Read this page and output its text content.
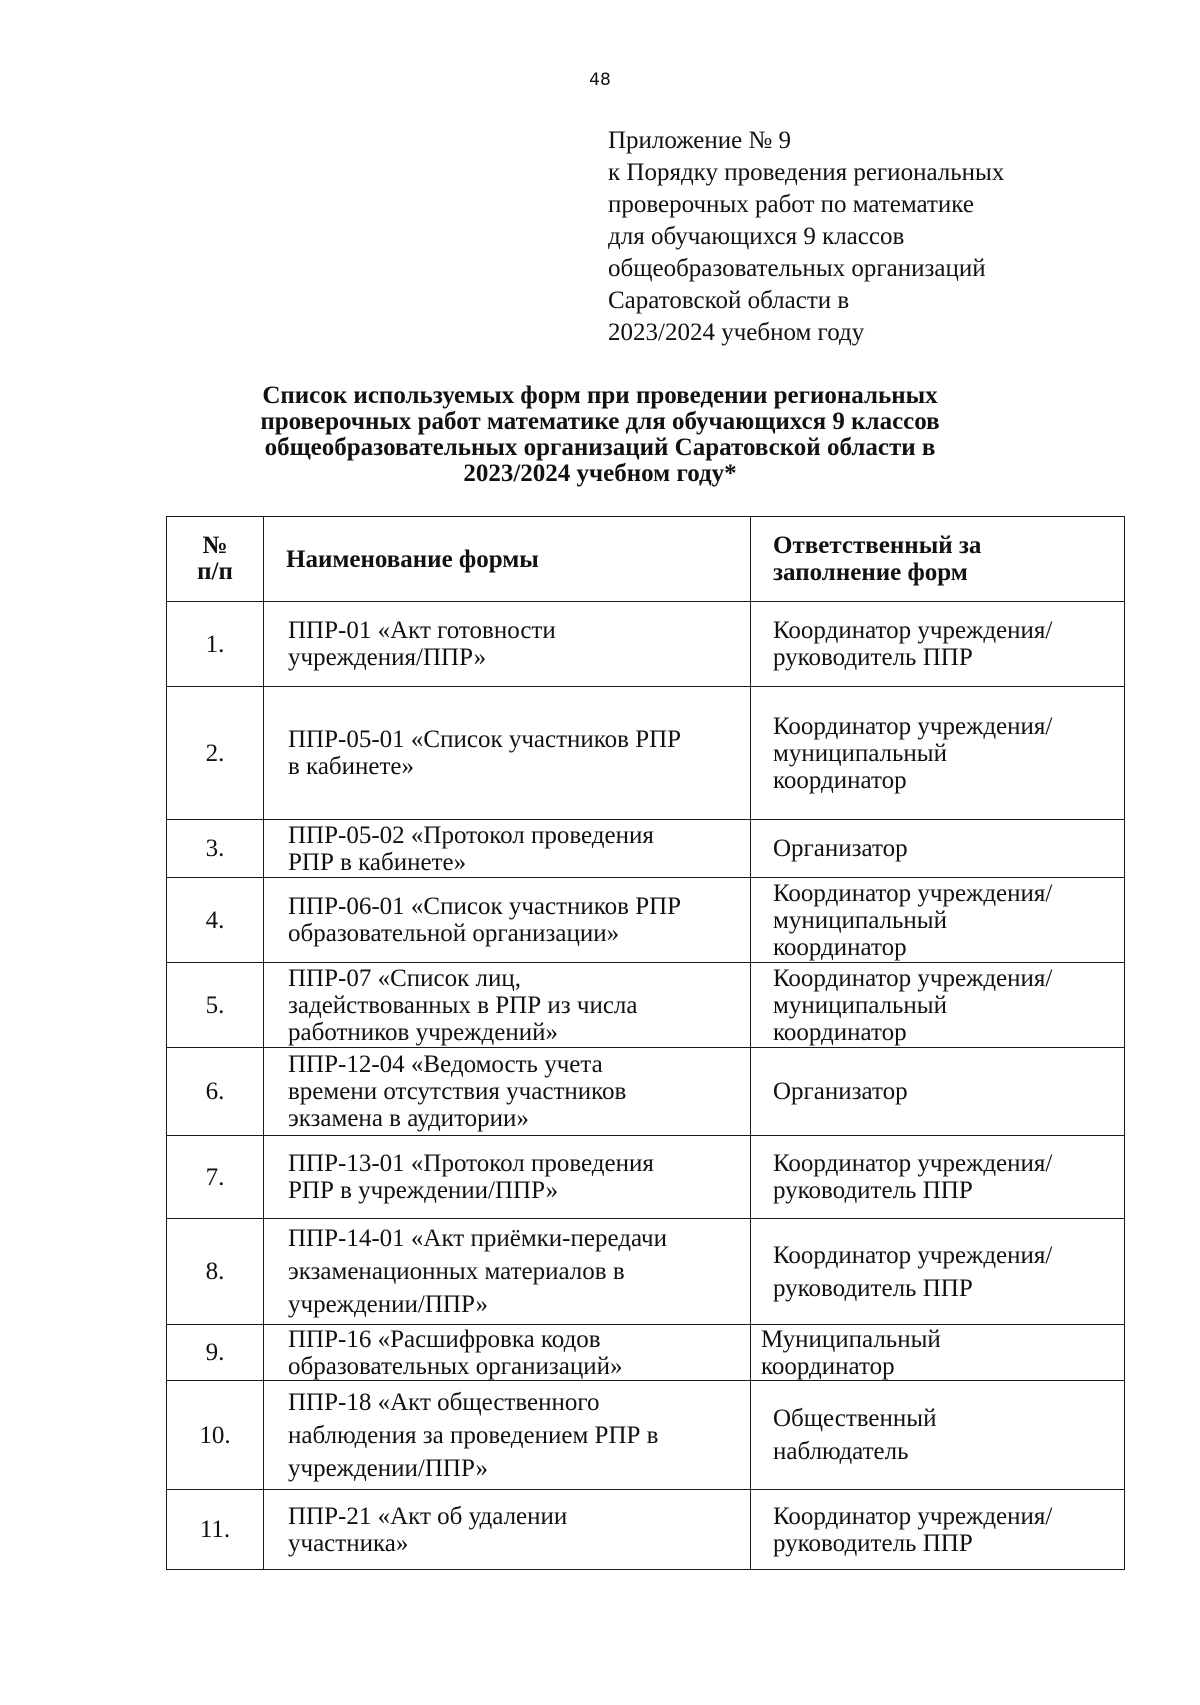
48
Приложение № 9
к Порядку проведения региональных
проверочных работ по математике
для обучающихся 9 классов
общеобразовательных организаций
Саратовской области в
2023/2024 учебном году
Список используемых форм при проведении региональных
проверочных работ математике для обучающихся 9 классов
общеобразовательных организаций Саратовской области в
2023/2024 учебном году*
№
п/п	Наименование формы	Ответственный за
заполнение форм

1.	ППР-01 «Акт готовности
учреждения/ППР»	Координатор учреждения/
руководитель ППР

2.	ППР-05-01 «Список участников РПР
в кабинете»	Координатор учреждения/
муниципальный
координатор

3.	ППР-05-02 «Протокол проведения
РПР в кабинете»	Организатор

4.	ППР-06-01 «Список участников РПР
образовательной организации»	Координатор учреждения/
муниципальный
координатор

5.	ППР-07 «Список лиц,
задействованных в РПР из числа
работников учреждений»	Координатор учреждения/
муниципальный
координатор

6.	ППР-12-04 «Ведомость учета
времени отсутствия участников
экзамена в аудитории»	Организатор

7.	ППР-13-01 «Протокол проведения
РПР в учреждении/ППР»	Координатор учреждения/
руководитель ППР

8.	ППР-14-01 «Акт приёмки-передачи
экзаменационных материалов в
учреждении/ППР»	Координатор учреждения/
руководитель ППР

9.	ППР-16 «Расшифровка кодов
образовательных организаций»	Муниципальный
координатор

10.	ППР-18 «Акт общественного
наблюдения за проведением РПР в
учреждении/ППР»	Общественный
наблюдатель

11.	ППР-21 «Акт об удалении
участника»	Координатор учреждения/
руководитель ППР
